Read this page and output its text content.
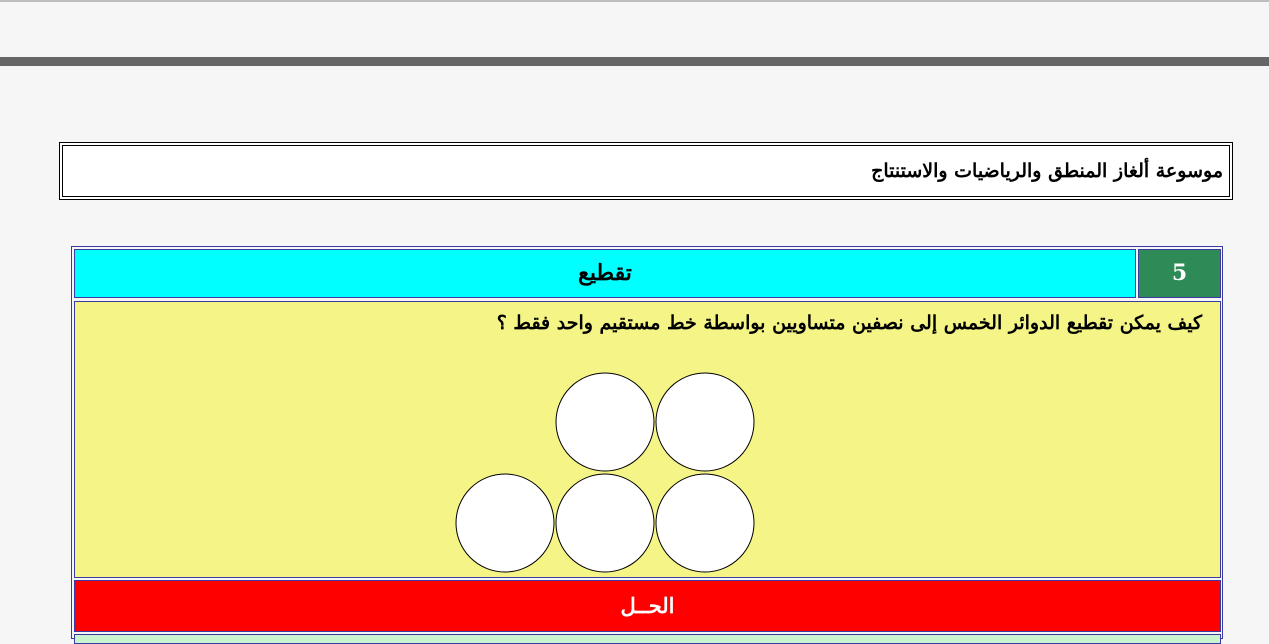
موسوعة ألغاز المنطق والرياضيات والاستنتاج
5
تقطيع
كيف يمكن تقطيع الدوائر الخمس إلى نصفين متساويين بواسطة خط مستقيم واحد فقط ؟
الحــل
